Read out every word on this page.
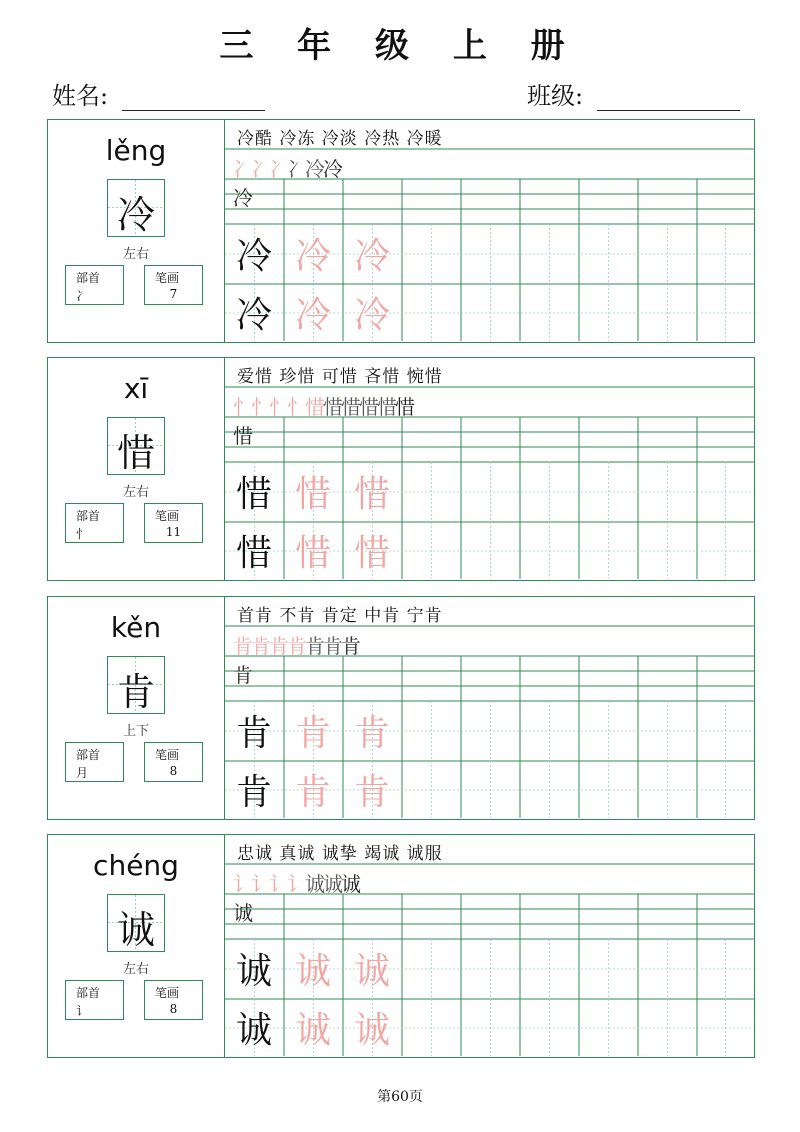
三 年 级 上 册
姓名:	班级:
lěng
冷
左右
部首
冫
笔画
7
冷酷 冷冻 冷淡 冷热 冷暖
冫冫冫冫冷冷冷
冷 冷 冷
冷 冷 冷
xī
惜
左右
部首
忄
笔画
11
爱惜 珍惜 可惜 吝惜 惋惜
忄忄忄忄惜惜惜惜惜惜惜
惜 惜 惜
惜 惜 惜
kěn
肯
上下
部首
月
笔画
8
首肯 不肯 肯定 中肯 宁肯
肯肯肯肯肯肯肯肯
肯 肯 肯
肯 肯 肯
chéng
诚
左右
部首
讠
笔画
8
忠诚 真诚 诚挚 竭诚 诚服
讠讠讠讠诚诚诚诚
诚 诚 诚
诚 诚 诚
第60页
